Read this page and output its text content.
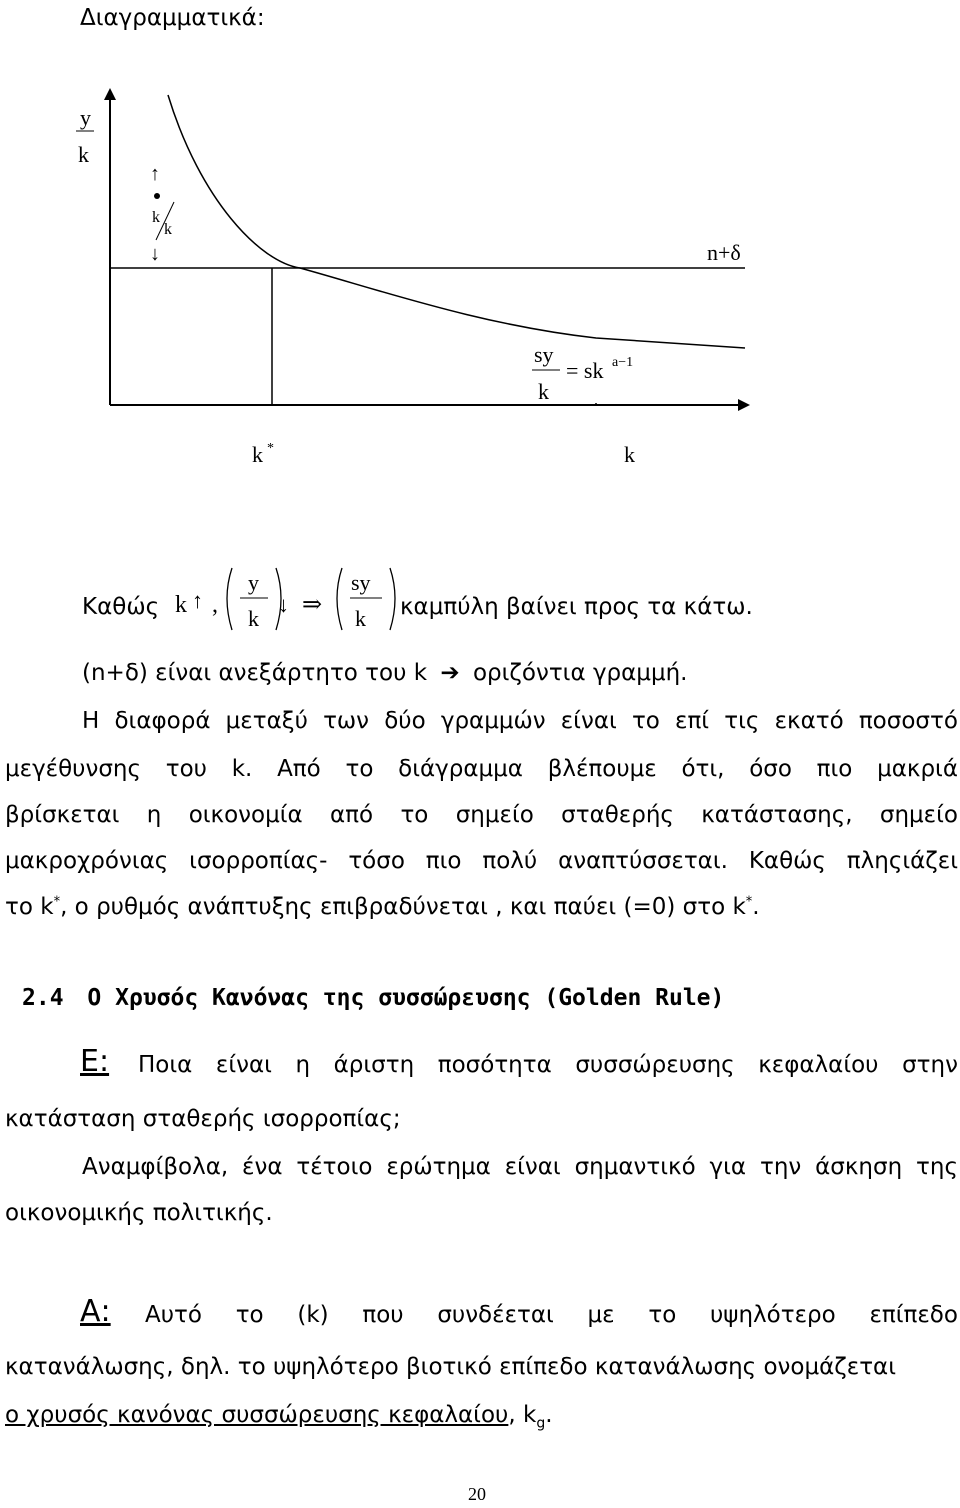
Διαγραμματικά:
y
k
↑
k
k
↓	n+δ
sy
k
= sk a−1
k *	k
Καθώς k ↑ ,
y
k
↓ ⇒
sy
k καμπύλη βαίνει προς τα κάτω.
(n+δ) είναι ανεξάρτητο του k ➔ οριζόντια γραμμή.
Η διαφορά μεταξύ των δύο γραμμών είναι το επί τις εκατό ποσοστό
μεγέθυνσης του k. Από το διάγραμμα βλέπουμε ότι, όσο πιο μακριά
βρίσκεται η οικονομία από το σημείο σταθερής κατάστασης, σημείο
μακροχρόνιας ισορροπίας- τόσο πιο πολύ αναπτύσσεται. Καθώς πληςιάζει
το k*, ο ρυθμός ανάπτυξης επιβραδύνεται , και παύει (=0) στο k*.
2.4 Ο Χρυσός Κανόνας της συσσώρευσης (Golden Rule)
Ε: Ποια είναι η άριστη ποσότητα συσσώρευσης κεφαλαίου στην
κατάσταση σταθερής ισορροπίας;
Αναμφίβολα, ένα τέτοιο ερώτημα είναι σημαντικό για την άσκηση της
οικονομικής πολιτικής.
Α: Αυτό το (k) που συνδέεται με το υψηλότερο επίπεδο
κατανάλωσης, δηλ. το υψηλότερο βιοτικό επίπεδο κατανάλωσης ονομάζεται
ο χρυσός κανόνας συσσώρευσης κεφαλαίου, $k_g$.
20
